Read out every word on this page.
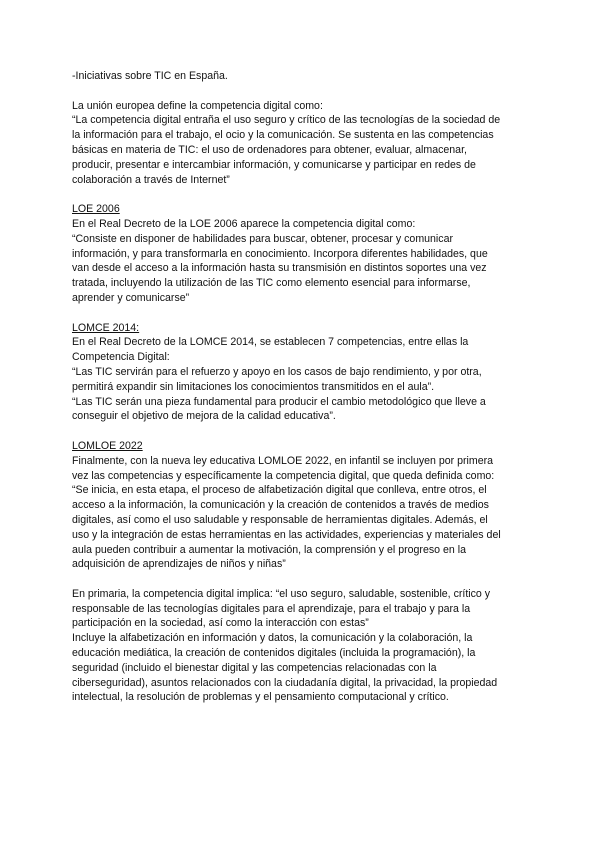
-Iniciativas sobre TIC en España.
La unión europea define la competencia digital como:
“La competencia digital entraña el uso seguro y crítico de las tecnologías de la sociedad de
la información para el trabajo, el ocio y la comunicación. Se sustenta en las competencias
básicas en materia de TIC: el uso de ordenadores para obtener, evaluar, almacenar,
producir, presentar e intercambiar información, y comunicarse y participar en redes de
colaboración a través de Internet”
LOE 2006
En el Real Decreto de la LOE 2006 aparece la competencia digital como:
“Consiste en disponer de habilidades para buscar, obtener, procesar y comunicar
información, y para transformarla en conocimiento. Incorpora diferentes habilidades, que
van desde el acceso a la información hasta su transmisión en distintos soportes una vez
tratada, incluyendo la utilización de las TIC como elemento esencial para informarse,
aprender y comunicarse”
LOMCE 2014:
En el Real Decreto de la LOMCE 2014, se establecen 7 competencias, entre ellas la
Competencia Digital:
“Las TIC servirán para el refuerzo y apoyo en los casos de bajo rendimiento, y por otra,
permitirá expandir sin limitaciones los conocimientos transmitidos en el aula”.
“Las TIC serán una pieza fundamental para producir el cambio metodológico que lleve a
conseguir el objetivo de mejora de la calidad educativa”.
LOMLOE 2022
Finalmente, con la nueva ley educativa LOMLOE 2022, en infantil se incluyen por primera
vez las competencias y específicamente la competencia digital, que queda definida como:
“Se inicia, en esta etapa, el proceso de alfabetización digital que conlleva, entre otros, el
acceso a la información, la comunicación y la creación de contenidos a través de medios
digitales, así como el uso saludable y responsable de herramientas digitales. Además, el
uso y la integración de estas herramientas en las actividades, experiencias y materiales del
aula pueden contribuir a aumentar la motivación, la comprensión y el progreso en la
adquisición de aprendizajes de niños y niñas”
En primaria, la competencia digital implica: “el uso seguro, saludable, sostenible, crítico y
responsable de las tecnologías digitales para el aprendizaje, para el trabajo y para la
participación en la sociedad, así como la interacción con estas”
Incluye la alfabetización en información y datos, la comunicación y la colaboración, la
educación mediática, la creación de contenidos digitales (incluida la programación), la
seguridad (incluido el bienestar digital y las competencias relacionadas con la
ciberseguridad), asuntos relacionados con la ciudadanía digital, la privacidad, la propiedad
intelectual, la resolución de problemas y el pensamiento computacional y crítico.
